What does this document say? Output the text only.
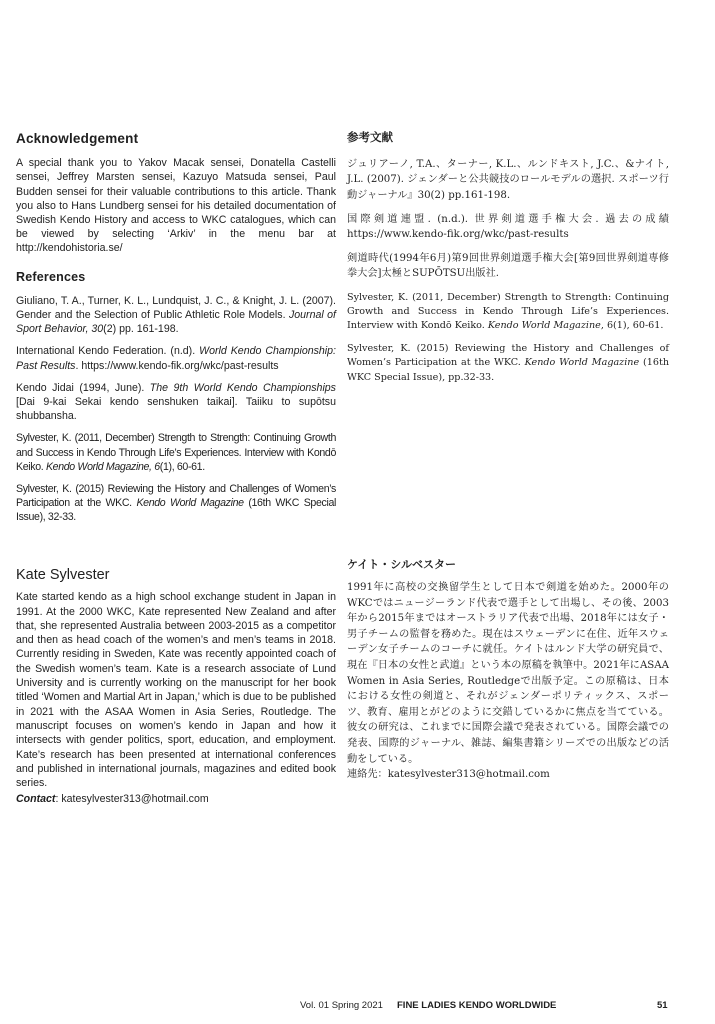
Acknowledgement

A special thank you to Yakov Macak sensei, Donatella Castelli sensei, Jeffrey Marsten sensei, Kazuyo Matsuda sensei, Paul Budden sensei for their valuable contributions to this article. Thank you also to Hans Lundberg sensei for his detailed documentation of Swedish Kendo History and access to WKC catalogues, which can be viewed by selecting ‘Arkiv’ in the menu bar at http://kendohistoria.se/

References
Giuliano, T. A., Turner, K. L., Lundquist, J. C., & Knight, J. L. (2007). Gender and the Selection of Public Athletic Role Models. Journal of Sport Behavior, 30(2) pp. 161-198.
International Kendo Federation. (n.d). World Kendo Championship: Past Results. https://www.kendo-fik.org/wkc/past-results
Kendo Jidai (1994, June). The 9th World Kendo Championships [Dai 9-kai Sekai kendo senshuken taikai]. Taiiku to supōtsu shubbansha.
Sylvester, K. (2011, December) Strength to Strength: Continuing Growth and Success in Kendo Through Life’s Experiences. Interview with Kondō Keiko. Kendo World Magazine, 6(1), 60-61.
Sylvester, K. (2015) Reviewing the History and Challenges of Women’s Participation at the WKC. Kendo World Magazine (16th WKC Special Issue), 32-33.
Kate Sylvester

Kate started kendo as a high school exchange student in Japan in 1991. At the 2000 WKC, Kate represented New Zealand and after that, she represented Australia between 2003-2015 as a competitor and then as head coach of the women’s and men’s teams in 2018. Currently residing in Sweden, Kate was recently appointed coach of the Swedish women’s team. Kate is a research associate of Lund University and is currently working on the manuscript for her book titled ‘Women and Martial Art in Japan,’ which is due to be published in 2021 with the ASAA Women in Asia Series, Routledge. The manuscript focuses on women’s kendo in Japan and how it intersects with gender politics, sport, education, and employment. Kate’s research has been presented at international conferences and published in international journals, magazines and edited book series.

Contact: katesylvester313@hotmail.com
参考文献
ジュリアーノ, T.A.、ターナー, K.L.、ルンドキスト, J.C.、&ナイト, J.L. (2007). ジェンダーと公共競技のロールモデルの選択. スポーツ行動ジャーナル』30(2) pp.161-198.
国際剣道連盟. (n.d.). 世界剣道選手権大会. 過去の成績 https://www.kendo-fik.org/wkc/past-results
剣道時代(1994年6月)第9回世界剣道選手権大会[第9回世界剣道専修拳大会]太極とSUPŌTSU出版社.
Sylvester, K. (2011, December) Strength to Strength: Continuing Growth and Success in Kendo Through Life’s Experiences. Interview with Kondō Keiko. Kendo World Magazine, 6(1), 60-61.
Sylvester, K. (2015) Reviewing the History and Challenges of Women’s Participation at the WKC. Kendo World Magazine (16th WKC Special Issue), pp.32-33.
ケイト・シルベスター
1991年に高校の交換留学生として日本で剣道を始めた。2000年のWKCではニュージーランド代表で選手として出場し、その後、2003年から2015年まではオーストラリア代表で出場、2018年には女子・男子チームの監督を務めた。現在はスウェーデンに在住、近年スウェーデン女子チームのコーチに就任。ケイトはルンド大学の研究員で、現在『日本の女性と武道』という本の原稿を執筆中。2021年にASAA Women in Asia Series, Routledgeで出版予定。この原稿は、日本における女性の剣道と、それがジェンダーポリティックス、スポーツ、教育、雇用とがどのように交錯しているかに焦点を当てている。彼女の研究は、これまでに国際会議で発表されている。国際会議での発表、国際的ジャーナル、雑誌、編集書籍シリーズでの出版などの活動をしている。
連絡先：katesylvester313@hotmail.com
Vol. 01 Spring 2021 FINE LADIES KENDO WORLDWIDE	51
